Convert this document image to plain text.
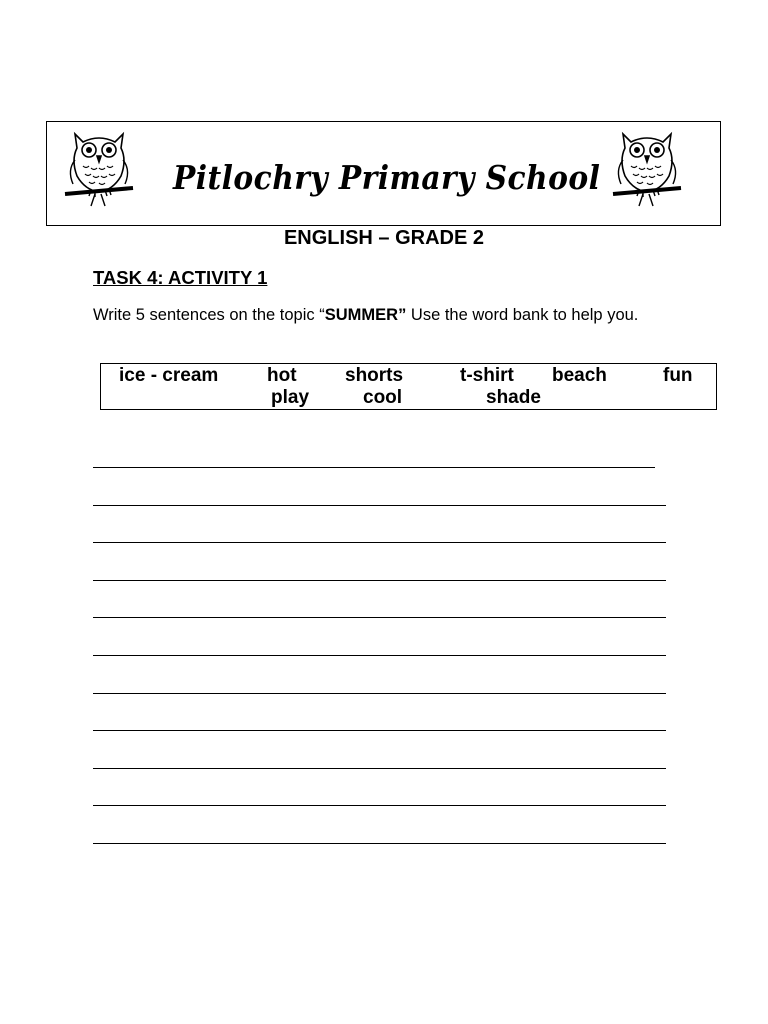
Pitlochry Primary School
ENGLISH – GRADE 2
TASK 4: ACTIVITY 1
Write 5 sentences on the topic “SUMMER” Use the word bank to help you.
ice - cream	hot	shorts	t-shirt beach	fun
play	cool	shade
